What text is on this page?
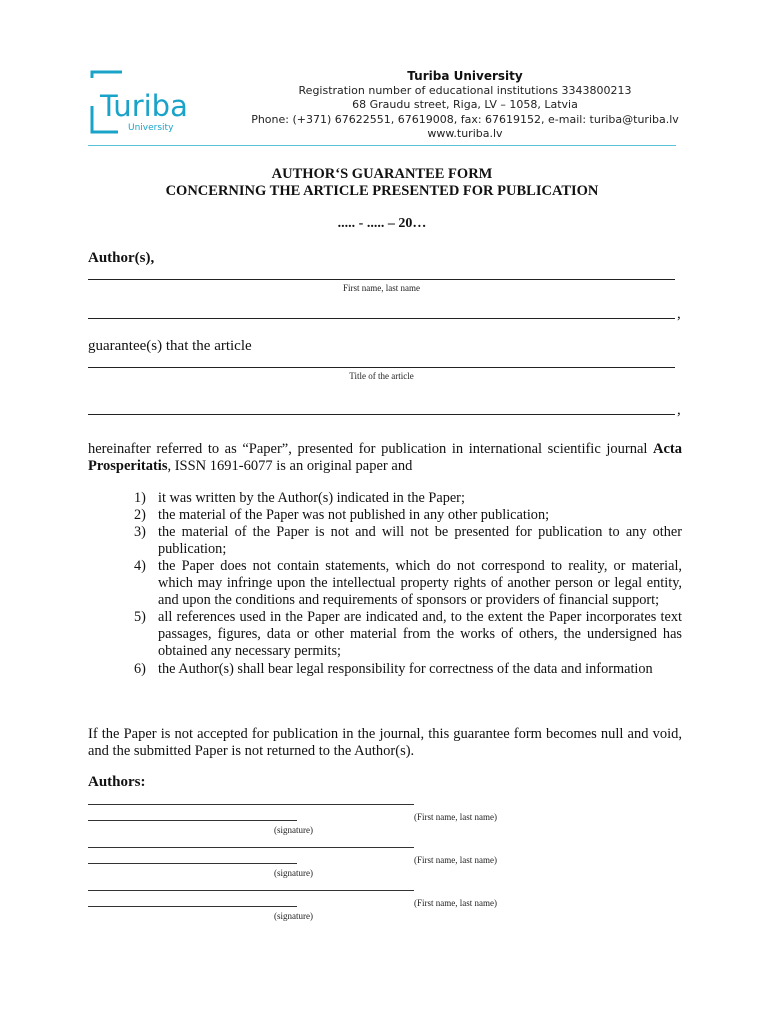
Turiba
University
Turiba University
Registration number of educational institutions 3343800213
68 Graudu street, Riga, LV – 1058, Latvia
Phone: (+371) 67622551, 67619008, fax: 67619152, e-mail: turiba@turiba.lv
www.turiba.lv
AUTHOR‘S GUARANTEE FORM
CONCERNING THE ARTICLE PRESENTED FOR PUBLICATION
..... - ..... – 20…
Author(s),
First name, last name
,
guarantee(s) that the article
Title of the article
,
hereinafter referred to as “Paper”, presented for publication in international scientific journal Acta Prosperitatis, ISSN 1691-6077 is an original paper and
1) it was written by the Author(s) indicated in the Paper;
2) the material of the Paper was not published in any other publication;
3) the material of the Paper is not and will not be presented for publication to any other publication;
4) the Paper does not contain statements, which do not correspond to reality, or material, which may infringe upon the intellectual property rights of another person or legal entity, and upon the conditions and requirements of sponsors or providers of financial support;
5) all references used in the Paper are indicated and, to the extent the Paper incorporates text passages, figures, data or other material from the works of others, the undersigned has obtained any necessary permits;
6) the Author(s) shall bear legal responsibility for correctness of the data and information
If the Paper is not accepted for publication in the journal, this guarantee form becomes null and void, and the submitted Paper is not returned to the Author(s).
Authors:
(First name, last name)
(signature)
(First name, last name)
(signature)
(First name, last name)
(signature)
